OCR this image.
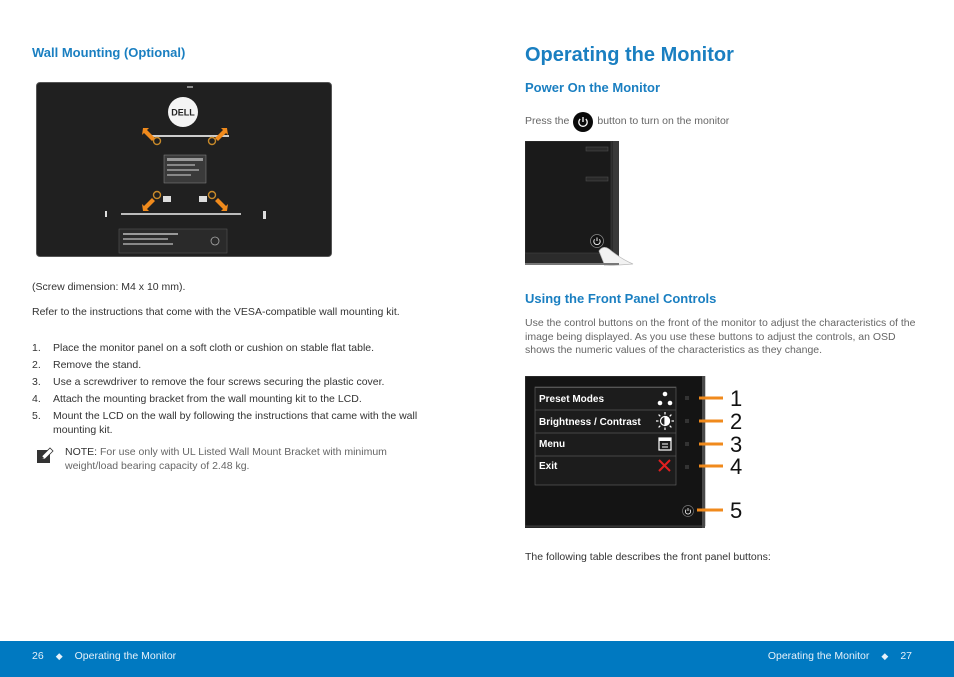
Wall Mounting (Optional)
DELL
(Screw dimension: M4 x 10 mm).
Refer to the instructions that come with the VESA-compatible wall mounting kit.
1. Place the monitor panel on a soft cloth or cushion on stable flat table.
2. Remove the stand.
3. Use a screwdriver to remove the four screws securing the plastic cover.
4. Attach the mounting bracket from the wall mounting kit to the LCD.
5. Mount the LCD on the wall by following the instructions that came with the wall mounting kit.
NOTE: For use only with UL Listed Wall Mount Bracket with minimum weight/load bearing capacity of 2.48 kg.
Operating the Monitor
Power On the Monitor
Press the	button to turn on the monitor
Using the Front Panel Controls
Use the control buttons on the front of the monitor to adjust the characteristics of the image being displayed. As you use these buttons to adjust the controls, an OSD shows the numeric values of the characteristics as they change.
Preset Modes
Brightness / Contrast
Menu
Exit
1
2
3
4
5
The following table describes the front panel buttons:
26 ◆ Operating the Monitor	Operating the Monitor ◆ 27
